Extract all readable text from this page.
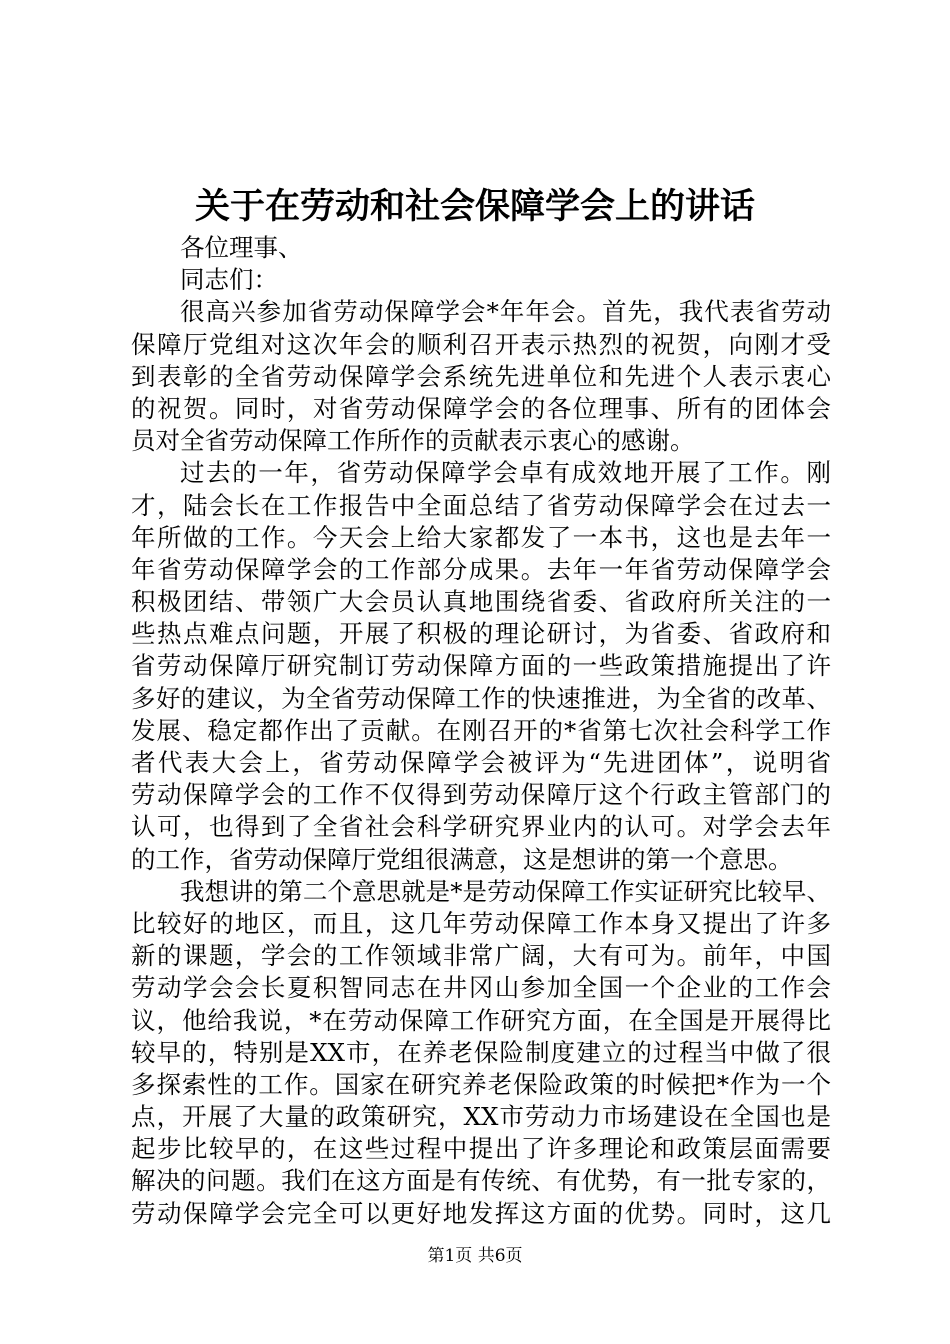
关于在劳动和社会保障学会上的讲话
各位理事、
同志们：
很高兴参加省劳动保障学会*年年会。首先，我代表省劳动
保障厅党组对这次年会的顺利召开表示热烈的祝贺，向刚才受
到表彰的全省劳动保障学会系统先进单位和先进个人表示衷心
的祝贺。同时，对省劳动保障学会的各位理事、所有的团体会
员对全省劳动保障工作所作的贡献表示衷心的感谢。
过去的一年，省劳动保障学会卓有成效地开展了工作。刚
才，陆会长在工作报告中全面总结了省劳动保障学会在过去一
年所做的工作。今天会上给大家都发了一本书，这也是去年一
年省劳动保障学会的工作部分成果。去年一年省劳动保障学会
积极团结、带领广大会员认真地围绕省委、省政府所关注的一
些热点难点问题，开展了积极的理论研讨，为省委、省政府和
省劳动保障厅研究制订劳动保障方面的一些政策措施提出了许
多好的建议，为全省劳动保障工作的快速推进，为全省的改革、
发展、稳定都作出了贡献。在刚召开的*省第七次社会科学工作
者代表大会上，省劳动保障学会被评为“先进团体”，说明省
劳动保障学会的工作不仅得到劳动保障厅这个行政主管部门的
认可，也得到了全省社会科学研究界业内的认可。对学会去年
的工作，省劳动保障厅党组很满意，这是想讲的第一个意思。
我想讲的第二个意思就是*是劳动保障工作实证研究比较早、
比较好的地区，而且，这几年劳动保障工作本身又提出了许多
新的课题，学会的工作领域非常广阔，大有可为。前年，中国
劳动学会会长夏积智同志在井冈山参加全国一个企业的工作会
议，他给我说，*在劳动保障工作研究方面，在全国是开展得比
较早的，特别是XX市，在养老保险制度建立的过程当中做了很
多探索性的工作。国家在研究养老保险政策的时候把*作为一个
点，开展了大量的政策研究，XX市劳动力市场建设在全国也是
起步比较早的，在这些过程中提出了许多理论和政策层面需要
解决的问题。我们在这方面是有传统、有优势，有一批专家的，
劳动保障学会完全可以更好地发挥这方面的优势。同时，这几
第1页 共6页
